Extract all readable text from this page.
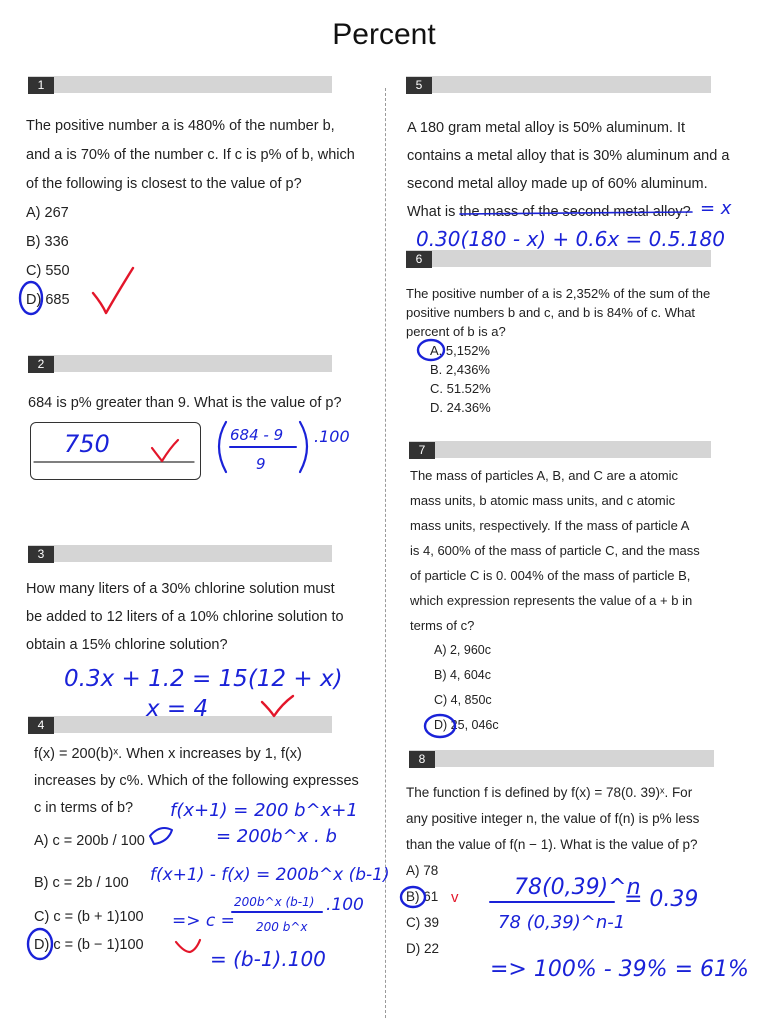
Percent
1
The positive number a is 480% of the number b,
and a is 70% of the number c. If c is p% of b, which
of the following is closest to the value of p?
A) 267
B) 336
C) 550
D) 685
2
684 is p% greater than 9. What is the value of p?
3
How many liters of a 30% chlorine solution must
be added to 12 liters of a 10% chlorine solution to
obtain a 15% chlorine solution?
4
f(x) = 200(b)ˣ. When x increases by 1, f(x)
increases by c%. Which of the following expresses
c in terms of b?
A) c = 200b / 100
B) c = 2b / 100
C) c = (b + 1)100
D) c = (b − 1)100
5
A 180 gram metal alloy is 50% aluminum. It
contains a metal alloy that is 30% aluminum and a
second metal alloy made up of 60% aluminum.
What is the mass of the second metal alloy?
6
The positive number of a is 2,352% of the sum of the
positive numbers b and c, and b is 84% of c. What
percent of b is a?
A. 5,152%
B. 2,436%
C. 51.52%
D. 24.36%
7
The mass of particles A, B, and C are a atomic
mass units, b atomic mass units, and c atomic
mass units, respectively. If the mass of particle A
is 4, 600% of the mass of particle C, and the mass
of particle C is 0. 004% of the mass of particle B,
which expression represents the value of a + b in
terms of c?
A) 2, 960c
B) 4, 604c
C) 4, 850c
D) 25, 046c
8
The function f is defined by f(x) = 78(0. 39)ˣ. For
any positive integer n, the value of f(n) is p% less
than the value of f(n − 1). What is the value of p?
A) 78
B) 61
C) 39
D) 22
750	684 - 9
9
.100
0.3x + 1.2 = 15(12 + x)
x = 4
f(x+1) = 200 b^x+1
= 200b^x . b
f(x+1) - f(x) = 200b^x (b-1)
=> c =
200b^x (b-1)
200 b^x
.100
= (b-1).100
= x
0.30(180 - x) + 0.6x = 0.5.180
v	78(0,39)^n
78 (0,39)^n-1
= 0.39
=> 100% - 39% = 61%
